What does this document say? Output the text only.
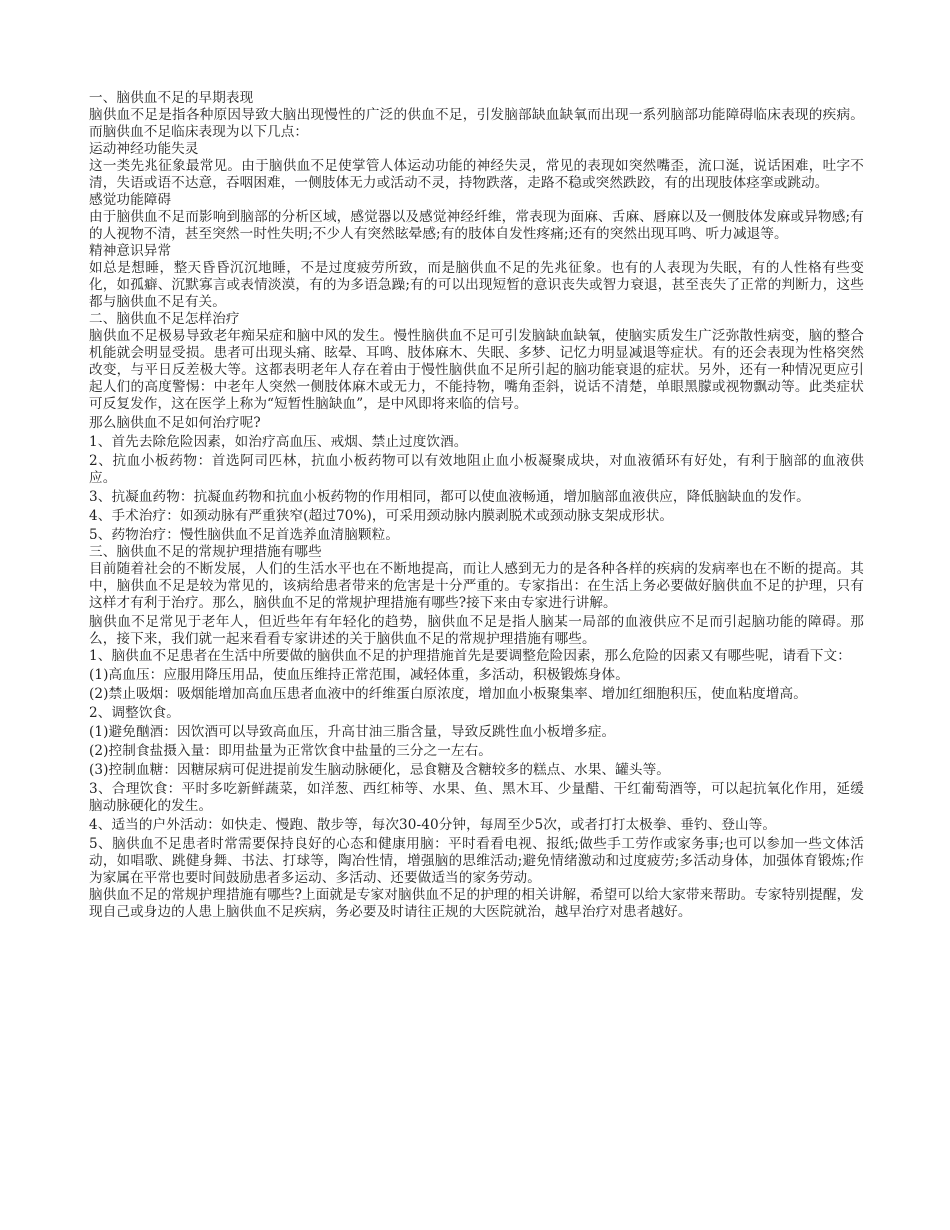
一、脑供血不足的早期表现

脑供血不足是指各种原因导致大脑出现慢性的广泛的供血不足，引发脑部缺血缺氧而出现一系列脑部功能障碍临床表现的疾病。而脑供血不足临床表现为以下几点：

运动神经功能失灵

这一类先兆征象最常见。由于脑供血不足使掌管人体运动功能的神经失灵，常见的表现如突然嘴歪，流口涎，说话困难，吐字不清，失语或语不达意，吞咽困难，一侧肢体无力或活动不灵，持物跌落，走路不稳或突然跌跤，有的出现肢体痉挛或跳动。

感觉功能障碍

由于脑供血不足而影响到脑部的分析区域，感觉器以及感觉神经纤维，常表现为面麻、舌麻、唇麻以及一侧肢体发麻或异物感;有的人视物不清，甚至突然一时性失明;不少人有突然眩晕感;有的肢体自发性疼痛;还有的突然出现耳鸣、听力减退等。

精神意识异常

如总是想睡，整天昏昏沉沉地睡，不是过度疲劳所致，而是脑供血不足的先兆征象。也有的人表现为失眠，有的人性格有些变化，如孤癖、沉默寡言或表情淡漠，有的为多语急躁;有的可以出现短暂的意识丧失或智力衰退，甚至丧失了正常的判断力，这些都与脑供血不足有关。

二、脑供血不足怎样治疗

脑供血不足极易导致老年痴呆症和脑中风的发生。慢性脑供血不足可引发脑缺血缺氧，使脑实质发生广泛弥散性病变，脑的整合机能就会明显受损。患者可出现头痛、眩晕、耳鸣、肢体麻木、失眠、多梦、记忆力明显减退等症状。有的还会表现为性格突然改变，与平日反差极大等。这都表明老年人存在着由于慢性脑供血不足所引起的脑功能衰退的症状。另外，还有一种情况更应引起人们的高度警惕：中老年人突然一侧肢体麻木或无力，不能持物，嘴角歪斜，说话不清楚，单眼黑朦或视物飘动等。此类症状可反复发作，这在医学上称为“短暂性脑缺血”，是中风即将来临的信号。

那么脑供血不足如何治疗呢?

1、首先去除危险因素，如治疗高血压、戒烟、禁止过度饮酒。

2、抗血小板药物：首选阿司匹林，抗血小板药物可以有效地阻止血小板凝聚成块，对血液循环有好处，有利于脑部的血液供应。

3、抗凝血药物：抗凝血药物和抗血小板药物的作用相同，都可以使血液畅通，增加脑部血液供应，降低脑缺血的发作。

4、手术治疗：如颈动脉有严重狭窄(超过70%)，可采用颈动脉内膜剥脱术或颈动脉支架成形状。

5、药物治疗：慢性脑供血不足首选养血清脑颗粒。

三、脑供血不足的常规护理措施有哪些

目前随着社会的不断发展，人们的生活水平也在不断地提高，而让人感到无力的是各种各样的疾病的发病率也在不断的提高。其中，脑供血不足是较为常见的，该病给患者带来的危害是十分严重的。专家指出：在生活上务必要做好脑供血不足的护理，只有这样才有利于治疗。那么，脑供血不足的常规护理措施有哪些?接下来由专家进行讲解。

脑供血不足常见于老年人，但近些年有年轻化的趋势，脑供血不足是指人脑某一局部的血液供应不足而引起脑功能的障碍。那么，接下来，我们就一起来看看专家讲述的关于脑供血不足的常规护理措施有哪些。

1、脑供血不足患者在生活中所要做的脑供血不足的护理措施首先是要调整危险因素，那么危险的因素又有哪些呢，请看下文：

(1)高血压：应服用降压用品，使血压维持正常范围，减轻体重，多活动，积极锻炼身体。

(2)禁止吸烟：吸烟能增加高血压患者血液中的纤维蛋白原浓度，增加血小板聚集率、增加红细胞积压，使血粘度增高。

2、调整饮食。

(1)避免酗酒：因饮酒可以导致高血压，升高甘油三脂含量，导致反跳性血小板增多症。

(2)控制食盐摄入量：即用盐量为正常饮食中盐量的三分之一左右。

(3)控制血糖：因糖尿病可促进提前发生脑动脉硬化，忌食糖及含糖较多的糕点、水果、罐头等。

3、合理饮食：平时多吃新鲜蔬菜，如洋葱、西红柿等、水果、鱼、黑木耳、少量醋、干红葡萄酒等，可以起抗氧化作用，延缓脑动脉硬化的发生。

4、适当的户外活动：如快走、慢跑、散步等，每次30-40分钟，每周至少5次，或者打打太极拳、垂钓、登山等。

5、脑供血不足患者时常需要保持良好的心态和健康用脑：平时看看电视、报纸;做些手工劳作或家务事;也可以参加一些文体活动，如唱歌、跳健身舞、书法、打球等，陶冶性情，增强脑的思维活动;避免情绪激动和过度疲劳;多活动身体，加强体育锻炼;作为家属在平常也要时间鼓励患者多运动、多活动、还要做适当的家务劳动。

脑供血不足的常规护理措施有哪些?上面就是专家对脑供血不足的护理的相关讲解，希望可以给大家带来帮助。专家特别提醒，发现自己或身边的人患上脑供血不足疾病，务必要及时请往正规的大医院就治，越早治疗对患者越好。
